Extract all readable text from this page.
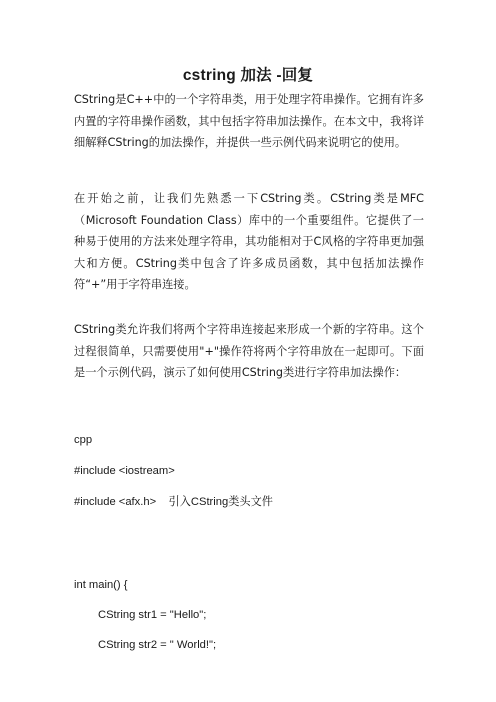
cstring 加法 -回复
CString是C++中的一个字符串类，用于处理字符串操作。它拥有许多内置的字符串操作函数，其中包括字符串加法操作。在本文中，我将详细解释CString的加法操作，并提供一些示例代码来说明它的使用。
在开始之前，让我们先熟悉一下CString类。CString类是MFC（Microsoft Foundation Class）库中的一个重要组件。它提供了一种易于使用的方法来处理字符串，其功能相对于C风格的字符串更加强大和方便。CString类中包含了许多成员函数，其中包括加法操作符“+”用于字符串连接。
CString类允许我们将两个字符串连接起来形成一个新的字符串。这个过程很简单，只需要使用"+"操作符将两个字符串放在一起即可。下面是一个示例代码，演示了如何使用CString类进行字符串加法操作：
cpp
#include <iostream>
#include <afx.h>    引入CString类头文件
int main() {
CString str1 = "Hello";
CString str2 = " World!";
